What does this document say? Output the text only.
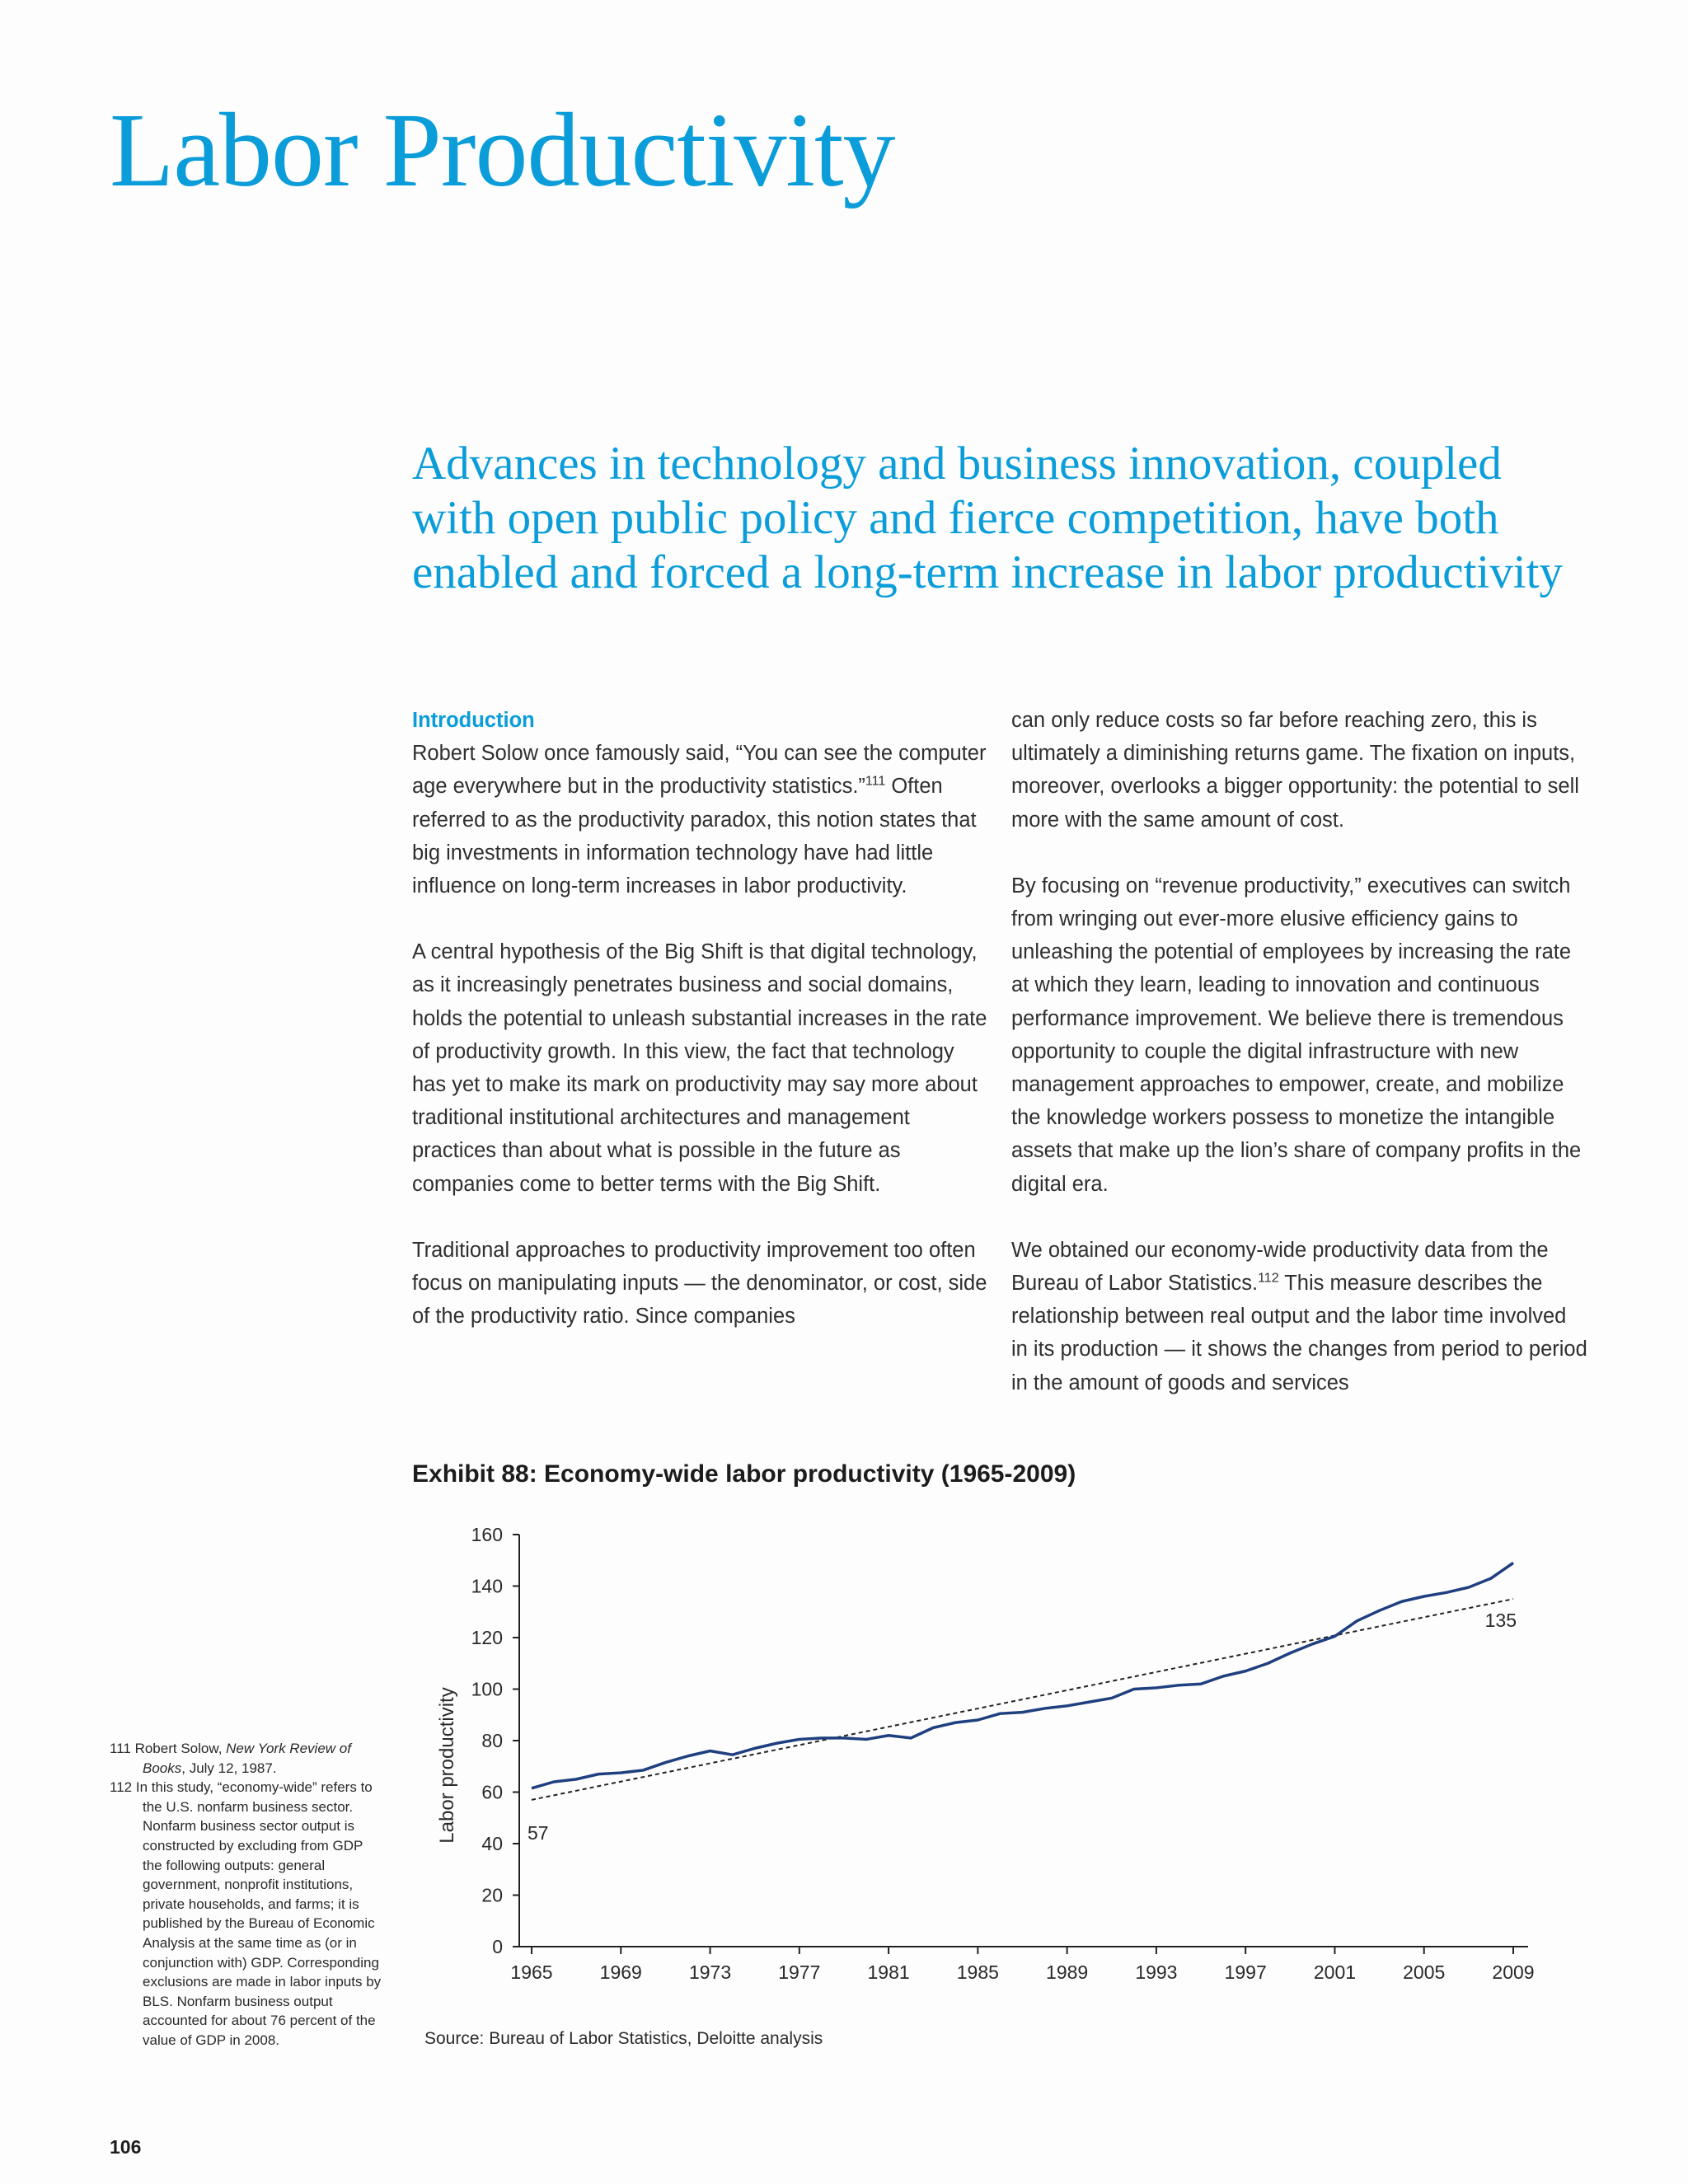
Labor Productivity
Advances in technology and business innovation, coupled with open public policy and fierce competition, have both enabled and forced a long-term increase in labor productivity

Introduction
Robert Solow once famously said, “You can see the computer age everywhere but in the productivity statistics.”$^{111}$ Often referred to as the productivity paradox, this notion states that big investments in information technology have had little influence on long-term increases in labor productivity.

A central hypothesis of the Big Shift is that digital technology, as it increasingly penetrates business and social domains, holds the potential to unleash substantial increases in the rate of productivity growth. In this view, the fact that technology has yet to make its mark on productivity may say more about traditional institutional architectures and management practices than about what is possible in the future as companies come to better terms with the Big Shift.

Traditional approaches to productivity improvement too often focus on manipulating inputs — the denominator, or cost, side of the productivity ratio. Since companies

can only reduce costs so far before reaching zero, this is ultimately a diminishing returns game. The fixation on inputs, moreover, overlooks a bigger opportunity: the potential to sell more with the same amount of cost.

By focusing on “revenue productivity,” executives can switch from wringing out ever-more elusive efficiency gains to unleashing the potential of employees by increasing the rate at which they learn, leading to innovation and continuous performance improvement. We believe there is tremendous opportunity to couple the digital infrastructure with new management approaches to empower, create, and mobilize the knowledge workers possess to monetize the intangible assets that make up the lion’s share of company profits in the digital era.

We obtained our economy-wide productivity data from the Bureau of Labor Statistics.$^{112}$ This measure describes the relationship between real output and the labor time involved in its production — it shows the changes from period to period in the amount of goods and services

Exhibit 88: Economy-wide labor productivity (1965-2009)
0
20
40
60
80
100
120
140
160
1965 1969 1973 1977 1981 1985 1989 1993 1997 2001 2005 2009
Labor productivity	57
135
Source: Bureau of Labor Statistics, Deloitte analysis

111 Robert Solow, New York Review of Books, July 12, 1987.

112 In this study, “economy-wide” refers to the U.S. nonfarm business sector. Nonfarm business sector output is constructed by excluding from GDP the following outputs: general government, nonprofit institutions, private households, and farms; it is published by the Bureau of Economic Analysis at the same time as (or in conjunction with) GDP. Corresponding exclusions are made in labor inputs by BLS. Nonfarm business output accounted for about 76 percent of the value of GDP in 2008.

106
